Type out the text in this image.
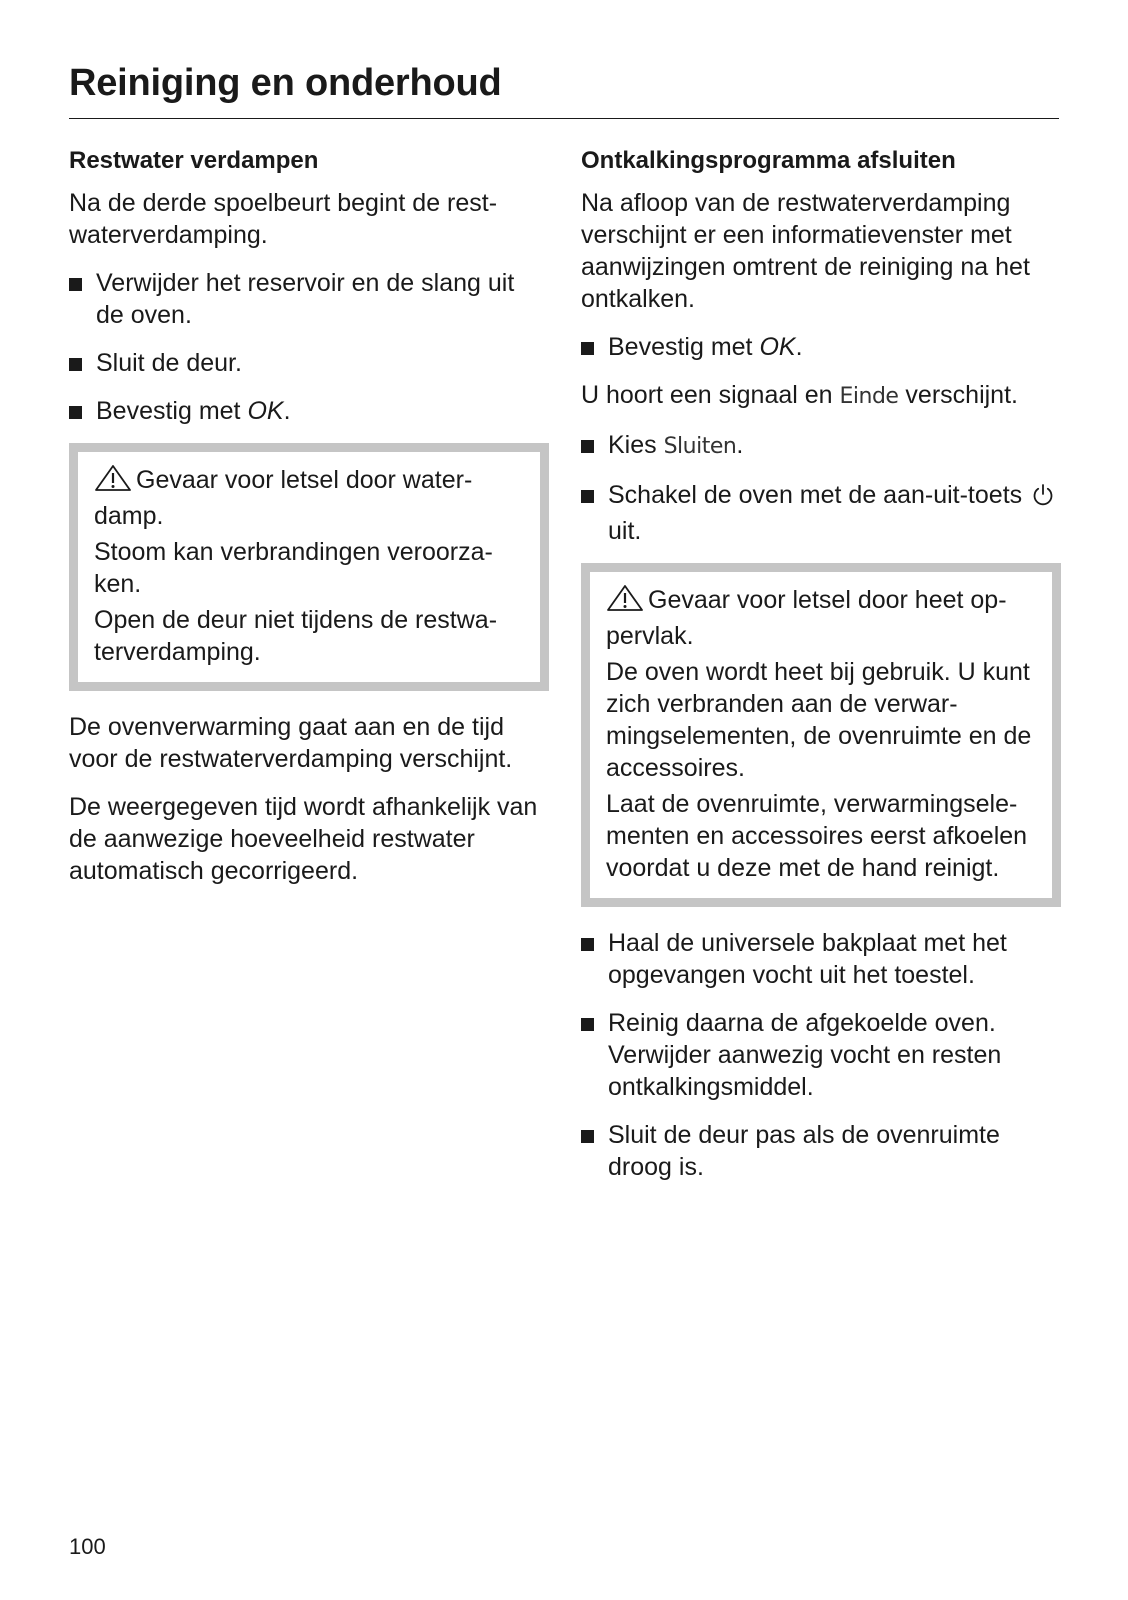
Reiniging en onderhoud
Restwater verdampen

Na de derde spoelbeurt begint de restwaterverdamping.

Verwijder het reservoir en de slang uit de oven.
Sluit de deur.
Bevestig met OK.

Gevaar voor letsel door waterdamp.

Stoom kan verbrandingen veroorzaken.

Open de deur niet tijdens de restwaterverdamping.

De ovenverwarming gaat aan en de tijd voor de restwaterverdamping verschijnt.

De weergegeven tijd wordt afhankelijk van de aanwezige hoeveelheid restwater automatisch gecorrigeerd.

Ontkalkingsprogramma afsluiten

Na afloop van de restwaterverdamping verschijnt er een informatievenster met aanwijzingen omtrent de reiniging na het ontkalken.

Bevestig met OK.

U hoort een signaal en Einde verschijnt.

Kies Sluiten.
Schakel de oven met de aan-uit-toets  uit.

Gevaar voor letsel door heet oppervlak.

De oven wordt heet bij gebruik. U kunt zich verbranden aan de verwarmingselementen, de ovenruimte en de accessoires.

Laat de ovenruimte, verwarmingselementen en accessoires eerst afkoelen voordat u deze met de hand reinigt.

Haal de universele bakplaat met het opgevangen vocht uit het toestel.
Reinig daarna de afgekoelde oven. Verwijder aanwezig vocht en resten ontkalkingsmiddel.
Sluit de deur pas als de ovenruimte droog is.
100
